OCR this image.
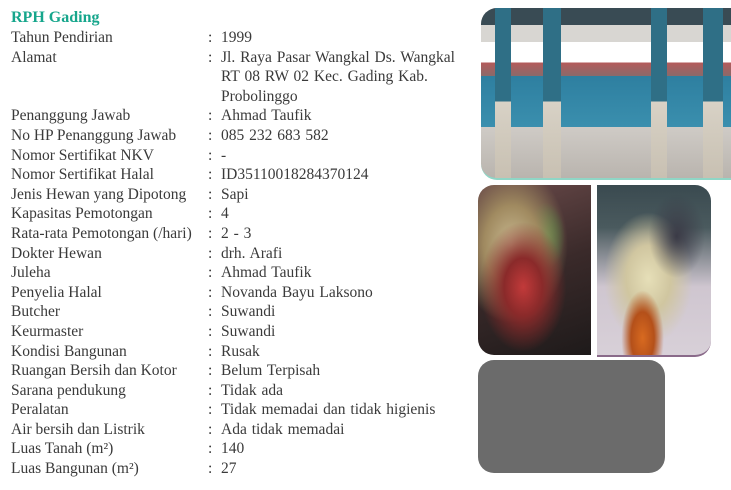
RPH Gading
Tahun Pendirian	: 1999
Alamat	: Jl. Raya Pasar Wangkal Ds. Wangkal
RT 08 RW 02 Kec. Gading Kab.
Probolinggo
Penanggung Jawab	: Ahmad Taufik
No HP Penanggung Jawab	: 085 232 683 582
Nomor Sertifikat NKV	: -
Nomor Sertifikat Halal	: ID35110018284370124
Jenis Hewan yang Dipotong	: Sapi
Kapasitas Pemotongan	: 4
Rata-rata Pemotongan (/hari)	: 2 - 3
Dokter Hewan	: drh. Arafi
Juleha	: Ahmad Taufik
Penyelia Halal	: Novanda Bayu Laksono
Butcher	: Suwandi
Keurmaster	: Suwandi
Kondisi Bangunan	: Rusak
Ruangan Bersih dan Kotor	: Belum Terpisah
Sarana pendukung	: Tidak ada
Peralatan	: Tidak memadai dan tidak higienis
Air bersih dan Listrik	: Ada tidak memadai
Luas Tanah (m²)	: 140
Luas Bangunan (m²)	: 27
